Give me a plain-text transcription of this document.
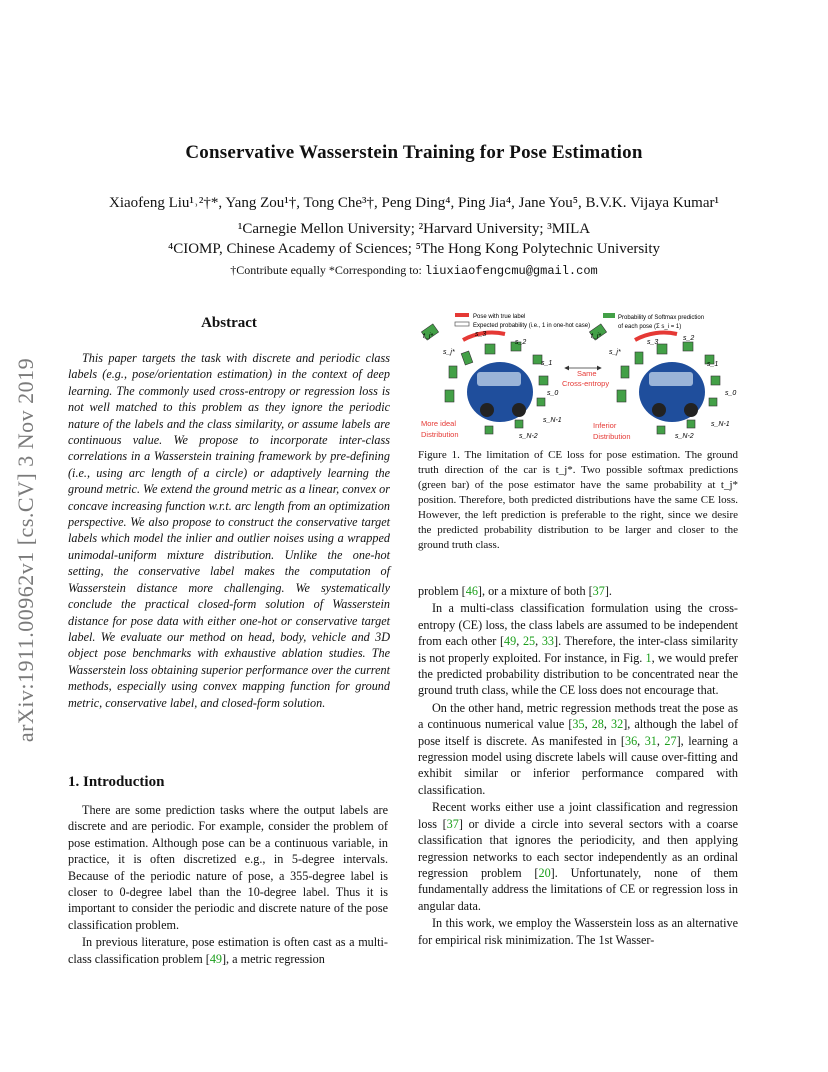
arXiv:1911.00962v1 [cs.CV] 3 Nov 2019
Conservative Wasserstein Training for Pose Estimation
Xiaofeng Liu¹˒²†*, Yang Zou¹†, Tong Che³†, Peng Ding⁴, Ping Jia⁴, Jane You⁵, B.V.K. Vijaya Kumar¹
¹Carnegie Mellon University; ²Harvard University; ³MILA
⁴CIOMP, Chinese Academy of Sciences; ⁵The Hong Kong Polytechnic University
†Contribute equally *Corresponding to: liuxiaofengcmu@gmail.com
Abstract

This paper targets the task with discrete and periodic class labels (e.g., pose/orientation estimation) in the context of deep learning. The commonly used cross-entropy or regression loss is not well matched to this problem as they ignore the periodic nature of the labels and the class similarity, or assume labels are continuous value. We propose to incorporate inter-class correlations in a Wasserstein training framework by pre-defining (i.e., using arc length of a circle) or adaptively learning the ground metric. We extend the ground metric as a linear, convex or concave increasing function w.r.t. arc length from an optimization perspective. We also propose to construct the conservative target labels which model the inlier and outlier noises using a wrapped unimodal-uniform mixture distribution. Unlike the one-hot setting, the conservative label makes the computation of Wasserstein distance more challenging. We systematically conclude the practical closed-form solution of Wasserstein distance for pose data with either one-hot or conservative target label. We evaluate our method on head, body, vehicle and 3D object pose benchmarks with exhaustive ablation studies. The Wasserstein loss obtaining superior performance over the current methods, especially using convex mapping function for ground metric, conservative label, and closed-form solution.

1. Introduction

There are some prediction tasks where the output labels are discrete and are periodic. For example, consider the problem of pose estimation. Although pose can be a continuous variable, in practice, it is often discretized e.g., in 5-degree intervals. Because of the periodic nature of pose, a 355-degree label is closer to 0-degree label than the 10-degree label. Thus it is important to consider the periodic and discrete nature of the pose classification problem.

In previous literature, pose estimation is often cast as a multi-class classification problem [49], a metric regression

Pose with true label
Expected probability (i.e., 1 in one-hot case)
Probability of Softmax prediction
of each pose (Σ s_i = 1)
t_j*
s_j*
s_3
s_2
s_1
s_0
s_N-1
s_N-2
t_j*
s_j*
s_3
s_2
s_1
s_0
s_N-1
s_N-2
Same
Cross-entropy
More ideal
Distribution
Inferior
Distribution
Figure 1. The limitation of CE loss for pose estimation. The ground truth direction of the car is t_j*. Two possible softmax predictions (green bar) of the pose estimator have the same probability at t_j* position. Therefore, both predicted distributions have the same CE loss. However, the left prediction is preferable to the right, since we desire the predicted probability distribution to be larger and closer to the ground truth class.

problem [46], or a mixture of both [37].

In a multi-class classification formulation using the cross-entropy (CE) loss, the class labels are assumed to be independent from each other [49, 25, 33]. Therefore, the inter-class similarity is not properly exploited. For instance, in Fig. 1, we would prefer the predicted probability distribution to be concentrated near the ground truth class, while the CE loss does not encourage that.

On the other hand, metric regression methods treat the pose as a continuous numerical value [35, 28, 32], although the label of pose itself is discrete. As manifested in [36, 31, 27], learning a regression model using discrete labels will cause over-fitting and exhibit similar or inferior performance compared with classification.

Recent works either use a joint classification and regression loss [37] or divide a circle into several sectors with a coarse classification that ignores the periodicity, and then applying regression networks to each sector independently as an ordinal regression problem [20]. Unfortunately, none of them fundamentally address the limitations of CE or regression loss in angular data.

In this work, we employ the Wasserstein loss as an alternative for empirical risk minimization. The 1st Wasser-
